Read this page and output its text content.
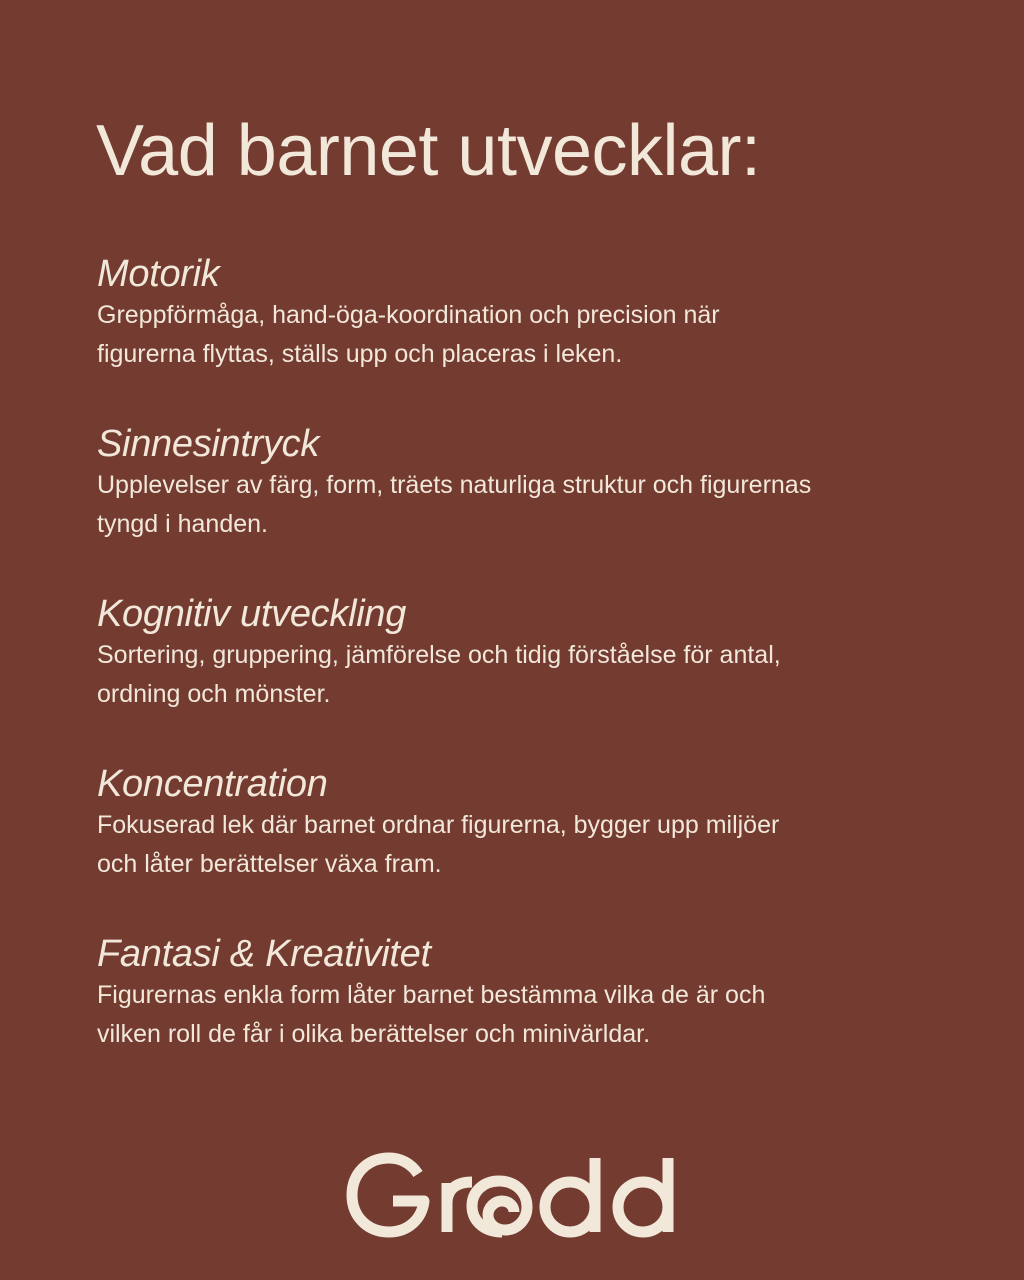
Vad barnet utvecklar:
Motorik

Greppförmåga, hand-öga-koordination och precision när
figurerna flyttas, ställs upp och placeras i leken.

Sinnesintryck

Upplevelser av färg, form, träets naturliga struktur och figurernas
tyngd i handen.

Kognitiv utveckling

Sortering, gruppering, jämförelse och tidig förståelse för antal,
ordning och mönster.

Koncentration

Fokuserad lek där barnet ordnar figurerna, bygger upp miljöer
och låter berättelser växa fram.

Fantasi & Kreativitet

Figurernas enkla form låter barnet bestämma vilka de är och
vilken roll de får i olika berättelser och minivärldar.
